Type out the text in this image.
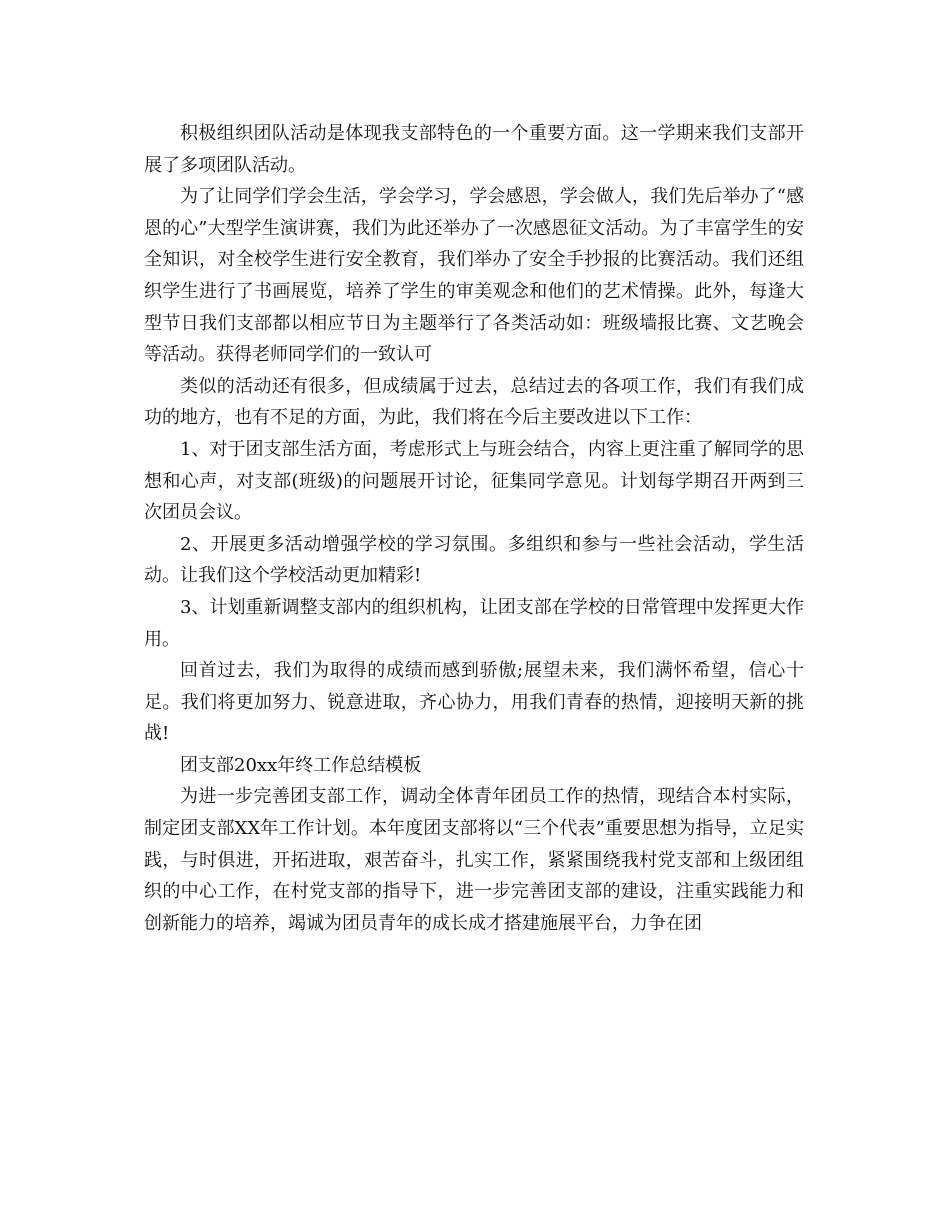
积极组织团队活动是体现我支部特色的一个重要方面。这一学期来我们支部开展了多项团队活动。

为了让同学们学会生活，学会学习，学会感恩，学会做人，我们先后举办了“感恩的心”大型学生演讲赛，我们为此还举办了一次感恩征文活动。为了丰富学生的安全知识，对全校学生进行安全教育，我们举办了安全手抄报的比赛活动。我们还组织学生进行了书画展览，培养了学生的审美观念和他们的艺术情操。此外，每逢大型节日我们支部都以相应节日为主题举行了各类活动如：班级墙报比赛、文艺晚会等活动。获得老师同学们的一致认可

类似的活动还有很多，但成绩属于过去，总结过去的各项工作，我们有我们成功的地方，也有不足的方面，为此，我们将在今后主要改进以下工作：

1、对于团支部生活方面，考虑形式上与班会结合，内容上更注重了解同学的思想和心声，对支部(班级)的问题展开讨论，征集同学意见。计划每学期召开两到三次团员会议。

2、开展更多活动增强学校的学习氛围。多组织和参与一些社会活动，学生活动。让我们这个学校活动更加精彩!

3、计划重新调整支部内的组织机构，让团支部在学校的日常管理中发挥更大作用。

回首过去，我们为取得的成绩而感到骄傲;展望未来，我们满怀希望，信心十足。我们将更加努力、锐意进取，齐心协力，用我们青春的热情，迎接明天新的挑战!

团支部20xx年终工作总结模板

为进一步完善团支部工作，调动全体青年团员工作的热情，现结合本村实际，制定团支部XX年工作计划。本年度团支部将以“三个代表”重要思想为指导，立足实践，与时俱进，开拓进取，艰苦奋斗，扎实工作，紧紧围绕我村党支部和上级团组织的中心工作，在村党支部的指导下，进一步完善团支部的建设，注重实践能力和创新能力的培养，竭诚为团员青年的成长成才搭建施展平台，力争在团
